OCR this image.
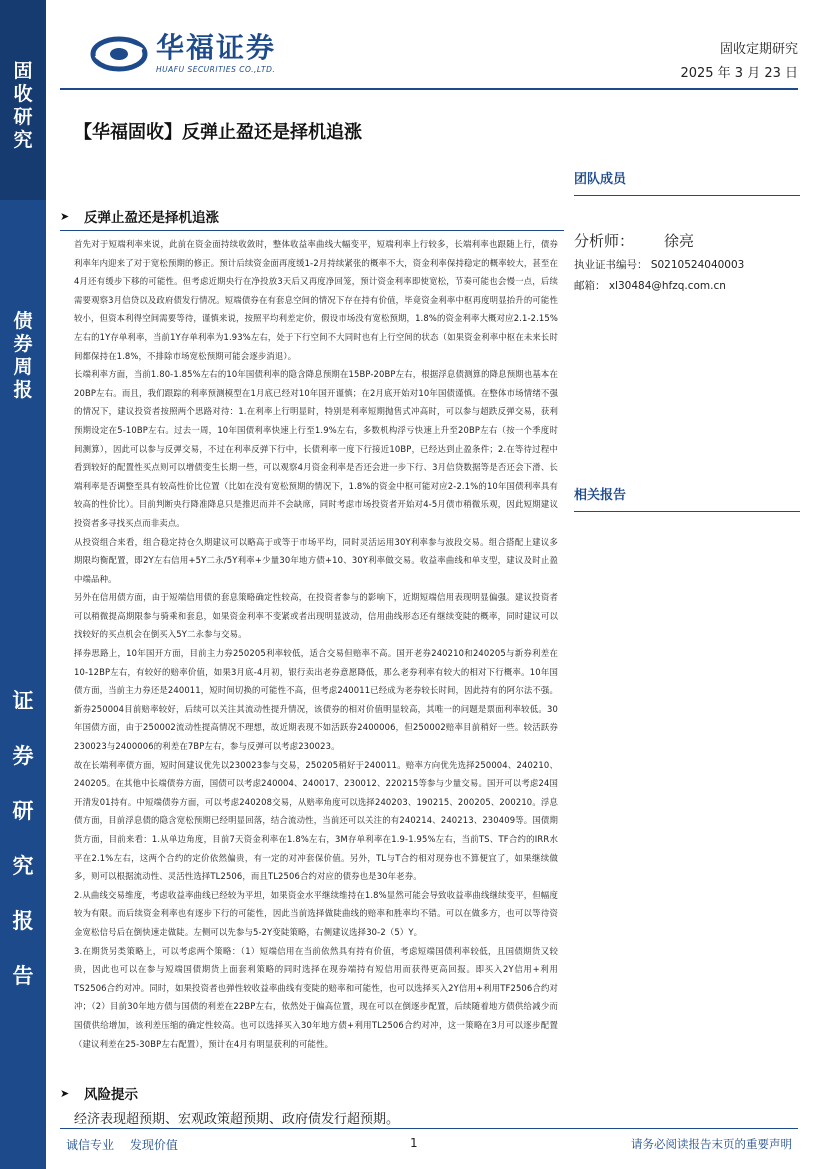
固
收
研
究
债
券
周
报
证
券
研
究
报
告
华福证券
HUAFU SECURITIES CO.,LTD.
固收定期研究
2025 年 3 月 23 日
【华福固收】反弹止盈还是择机追涨
团队成员
分析师： 徐亮
执业证书编号： S0210524040003
邮箱： xl30484@hfzq.com.cn
相关报告
➤ 反弹止盈还是择机追涨

首先对于短端利率来说，此前在资金面持续收敛时，整体收益率曲线大幅变平，短端利率上行较多，长端利率也跟随上行，债券利率年内迎来了对于宽松预期的修正。预计后续资金面再度缓1-2月持续紧张的概率不大，资金利率保持稳定的概率较大，甚至在4月还有缓步下移的可能性。但考虑近期央行在净投放3天后又再度净回笼，预计资金利率即使宽松，节奏可能也会慢一点，后续需要观察3月信贷以及政府债发行情况。短端债券在有套息空间的情况下存在持有价值，毕竟资金利率中枢再度明显抬升的可能性较小，但资本利得空间需要等待，谨慎来说，按照平均利差定价，假设市场没有宽松预期，1.8%的资金利率大概对应2.1-2.15%左右的1Y存单利率，当前1Y存单利率为1.93%左右，处于下行空间不大同时也有上行空间的状态（如果资金利率中枢在未来长时间都保持在1.8%，不排除市场宽松预期可能会逐步消退）。

长端利率方面，当前1.80-1.85%左右的10年国债利率的隐含降息预期在15BP-20BP左右，根据浮息债测算的降息预期也基本在20BP左右。而且，我们跟踪的利率预测模型在1月底已经对10年国开谨慎；在2月底开始对10年国债谨慎。在整体市场情绪不强的情况下，建议投资者按照两个思路对待：1.在利率上行明显时，特别是利率短期抛售式冲高时，可以参与超跌反弹交易，获利预期设定在5-10BP左右。过去一周，10年国债利率快速上行至1.9%左右，多数机构浮亏快速上升至20BP左右（按一个季度时间测算），因此可以参与反弹交易，不过在利率反弹下行中，长债利率一度下行接近10BP，已经达到止盈条件；2.在等待过程中看到较好的配置性买点则可以增债变生长期一些，可以观察4月资金利率是否还会进一步下行、3月信贷数据等是否还会下滑、长端利率是否调整至具有较高性价比位置（比如在没有宽松预期的情况下，1.8%的资金中枢可能对应2-2.1%的10年国债利率具有较高的性价比）。目前判断央行降准降息只是推迟而并不会缺席，同时考虑市场投资者开始对4-5月债市稍微乐观，因此短期建议投资者多寻找买点而非卖点。

从投资组合来看，组合稳定持仓久期建议可以略高于或等于市场平均，同时灵活运用30Y利率参与波段交易。组合搭配上建议多期限均衡配置，即2Y左右信用+5Y二永/5Y利率+少量30年地方债+10、30Y利率做交易。收益率曲线和单支型，建议及时止盈中端品种。

另外在信用债方面，由于短端信用债的套息策略确定性较高，在投资者参与的影响下，近期短端信用表现明显偏强。建议投资者可以稍微提高期限参与骑乘和套息，如果资金利率不变紧或者出现明显波动，信用曲线形态还有继续变陡的概率，同时建议可以找较好的买点机会在倒买入5Y二永参与交易。

择券思路上，10年国开方面，目前主力券250205利率较低，适合交易但赔率不高。国开老券240210和240205与新券利差在10-12BP左右，有较好的赔率价值，如果3月底-4月初，银行卖出老券意愿降低，那么老券利率有较大的相对下行概率。10年国债方面，当前主力券还是240011，短时间切换的可能性不高，但考虑240011已经成为老券较长时间，因此持有的阿尔法不强。新券250004目前赔率较好，后续可以关注其流动性提升情况，该债券的相对价值明显较高，其唯一的问题是票面利率较低。30年国债方面，由于250002流动性提高情况不理想，故近期表现不如活跃券2400006，但250002赔率目前稍好一些。较活跃券230023与2400006的利差在7BP左右，参与反弹可以考虑230023。

故在长端利率债方面，短时间建议优先以230023参与交易，250205稍好于240011。赔率方向优先选择250004、240210、240205。在其他中长端债券方面，国债可以考虑240004、240017、230012、220215等参与少量交易。国开可以考虑24国开清发01持有。中短端债券方面，可以考虑240208交易，从赔率角度可以选择240203、190215、200205、200210。浮息债方面，目前浮息债的隐含宽松预期已经明显回落，结合流动性，当前还可以关注的有240214、240213、230409等。国债期货方面，目前来看：1.从单边角度，目前7天资金利率在1.8%左右，3M存单利率在1.9-1.95%左右，当前TS、TF合约的IRR水平在2.1%左右，这两个合约的定价依然偏贵，有一定的对冲套保价值。另外，TL与T合约相对现券也不算便宜了，如果继续做多，则可以根据流动性、灵活性选择TL2506，而且TL2506合约对应的债券也是30年老券。

2.从曲线交易维度，考虑收益率曲线已经较为平坦，如果资金水平继续维持在1.8%显然可能会导致收益率曲线继续变平，但幅度较为有限。而后续资金利率也有逐步下行的可能性，因此当前选择做陡曲线的赔率和胜率均不错。可以在做多方，也可以等待资金宽松信号后在倒快速走做陡。左侧可以先参与5-2Y变陡策略，右侧建议选择30-2（5）Y。

3.在期货另类策略上，可以考虑两个策略：（1）短端信用在当前依然具有持有价值，考虑短端国债利率较低，且国债期货又较贵，因此也可以在参与短端国债期货上面套利策略的同时选择在现券端持有短信用而获得更高回报。即买入2Y信用+利用TS2506合约对冲。同时，如果投资者也弹性较收益率曲线有变陡的赔率和可能性，也可以选择买入2Y信用+利用TF2506合约对冲；（2）目前30年地方债与国债的利差在22BP左右，依然处于偏高位置，现在可以在倒逐步配置，后续随着地方债供给减少而国债供给增加，该利差压缩的确定性较高。也可以选择买入30年地方债+利用TL2506合约对冲，这一策略在3月可以逐步配置（建议利差在25-30BP左右配置），预计在4月有明显获利的可能性。

➤ 风险提示
经济表现超预期、宏观政策超预期、政府债发行超预期。
诚信专业 发现价值	1	请务必阅读报告末页的重要声明
